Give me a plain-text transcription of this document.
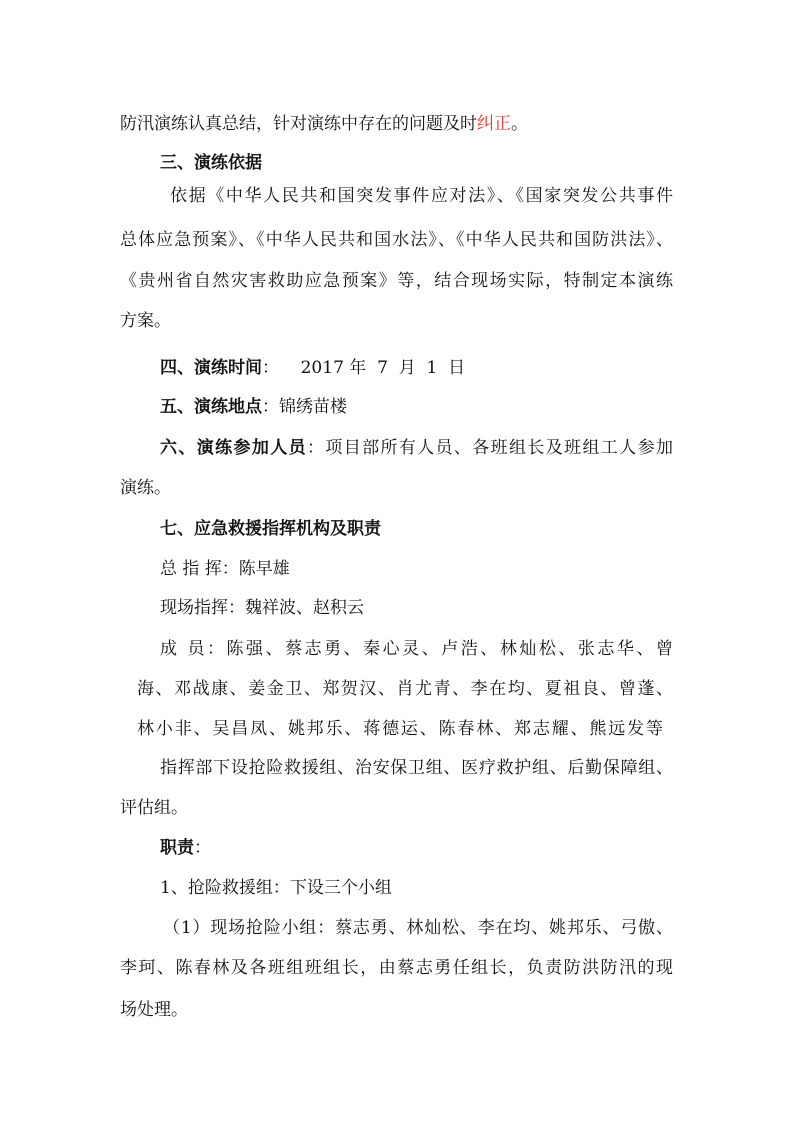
防汛演练认真总结，针对演练中存在的问题及时纠正。
三、演练依据
依据《中华人民共和国突发事件应对法》、《国家突发公共事件
总体应急预案》、《中华人民共和国水法》、《中华人民共和国防洪法》、
《贵州省自然灾害救助应急预案》等，结合现场实际，特制定本演练
方案。
四、演练时间：    2017 年  7  月  1  日
五、演练地点：锦绣苗楼
六、演练参加人员：项目部所有人员、各班组长及班组工人参加
演练。
七、应急救援指挥机构及职责
总 指 挥：陈早雄
现场指挥：魏祥波、赵积云
成 员：陈强、蔡志勇、秦心灵、卢浩、林灿松、张志华、曾
海、邓战康、姜金卫、郑贺汉、肖尤青、李在均、夏祖良、曾蓬、
林小非、吴昌凤、姚邦乐、蒋德运、陈春林、郑志耀、熊远发等
指挥部下设抢险救援组、治安保卫组、医疗救护组、后勤保障组、
评估组。
职责：
1、抢险救援组：下设三个小组
（1）现场抢险小组：蔡志勇、林灿松、李在均、姚邦乐、弓傲、
李珂、陈春林及各班组班组长，由蔡志勇任组长，负责防洪防汛的现
场处理。
